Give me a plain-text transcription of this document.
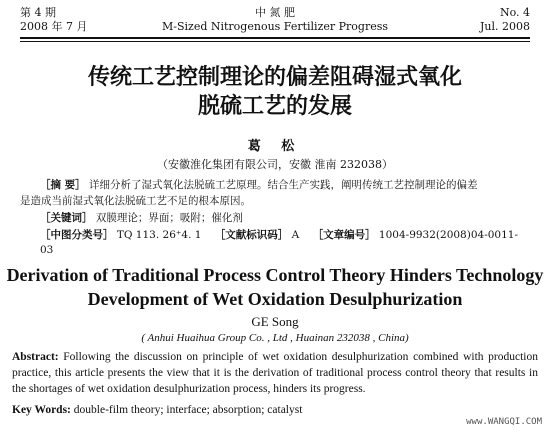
第 4 期
2008 年 7 月
中 氮 肥
M-Sized Nitrogenous Fertilizer Progress
No. 4
Jul. 2008
传统工艺控制理论的偏差阻碍湿式氧化
脱硫工艺的发展
葛 松
（安徽淮化集团有限公司，安徽 淮南 232038）
［摘 要］ 详细分析了湿式氧化法脱硫工艺原理。结合生产实践，阐明传统工艺控制理论的偏差
是造成当前湿式氧化法脱硫工艺不足的根本原因。
［关键词］ 双膜理论；界面；吸附；催化剂
［中图分类号］ TQ 113. 26⁺4. 1 ［文献标识码］ A ［文章编号］ 1004-9932(2008)04-0011-03
Derivation of Traditional Process Control Theory Hinders Technology
Development of Wet Oxidation Desulphurization
GE Song
( Anhui Huaihua Group Co. , Ltd , Huainan 232038 , China)
Abstract: Following the discussion on principle of wet oxidation desulphurization combined with production practice, this article presents the view that it is the derivation of traditional process control theory that results in the shortages of wet oxidation desulphurization process, hinders its progress.
Key Words: double-film theory; interface; absorption; catalyst
www.WANGQI.COM
